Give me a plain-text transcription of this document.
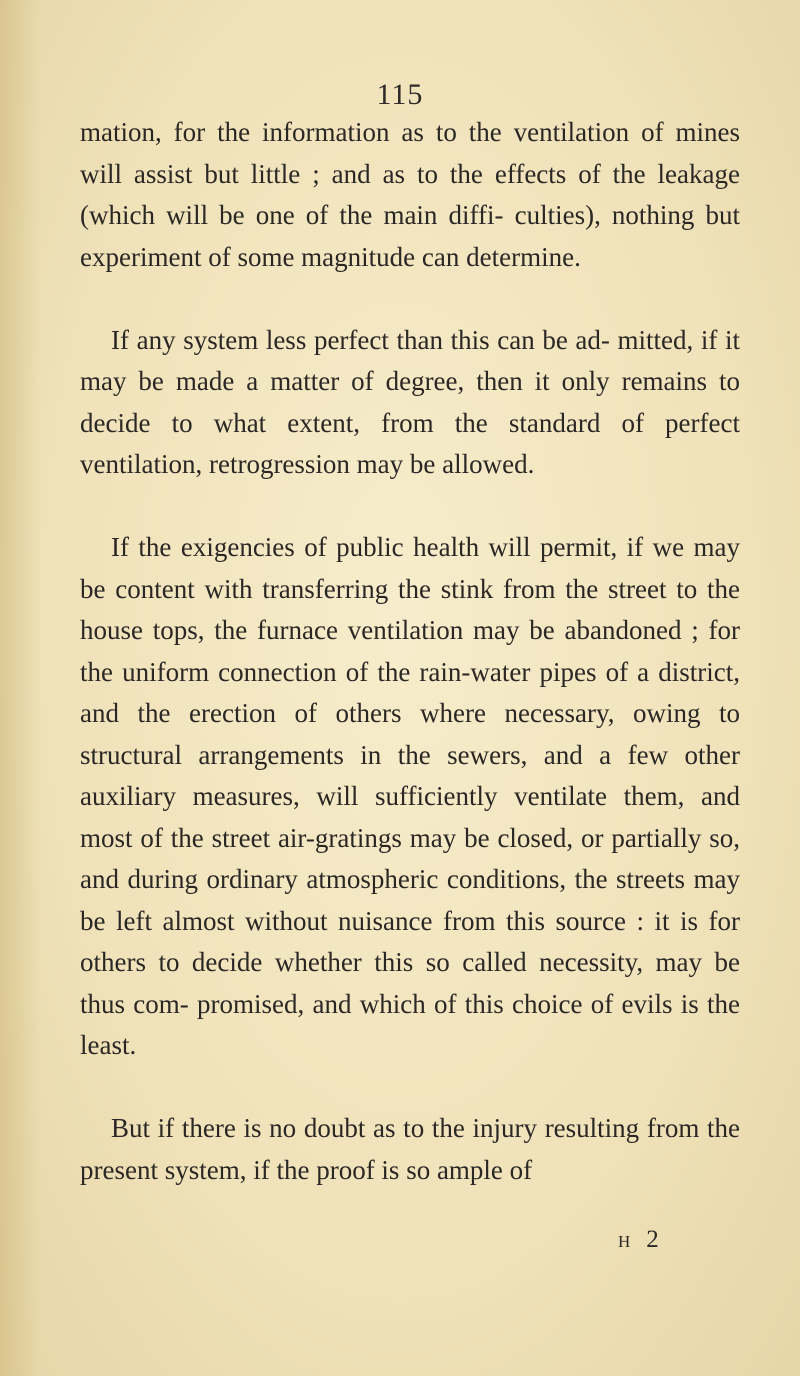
115

mation, for the information as to the ventilation of mines will assist but little ; and as to the effects of the leakage (which will be one of the main diffi- culties), nothing but experiment of some magnitude can determine.

If any system less perfect than this can be ad- mitted, if it may be made a matter of degree, then it only remains to decide to what extent, from the standard of perfect ventilation, retrogression may be allowed.

If the exigencies of public health will permit, if we may be content with transferring the stink from the street to the house tops, the furnace ventilation may be abandoned ; for the uniform connection of the rain-water pipes of a district, and the erection of others where necessary, owing to structural arrangements in the sewers, and a few other auxiliary measures, will sufficiently ventilate them, and most of the street air-gratings may be closed, or partially so, and during ordinary atmospheric conditions, the streets may be left almost without nuisance from this source : it is for others to decide whether this so called necessity, may be thus com- promised, and which of this choice of evils is the least.

But if there is no doubt as to the injury resulting from the present system, if the proof is so ample of

H 2
